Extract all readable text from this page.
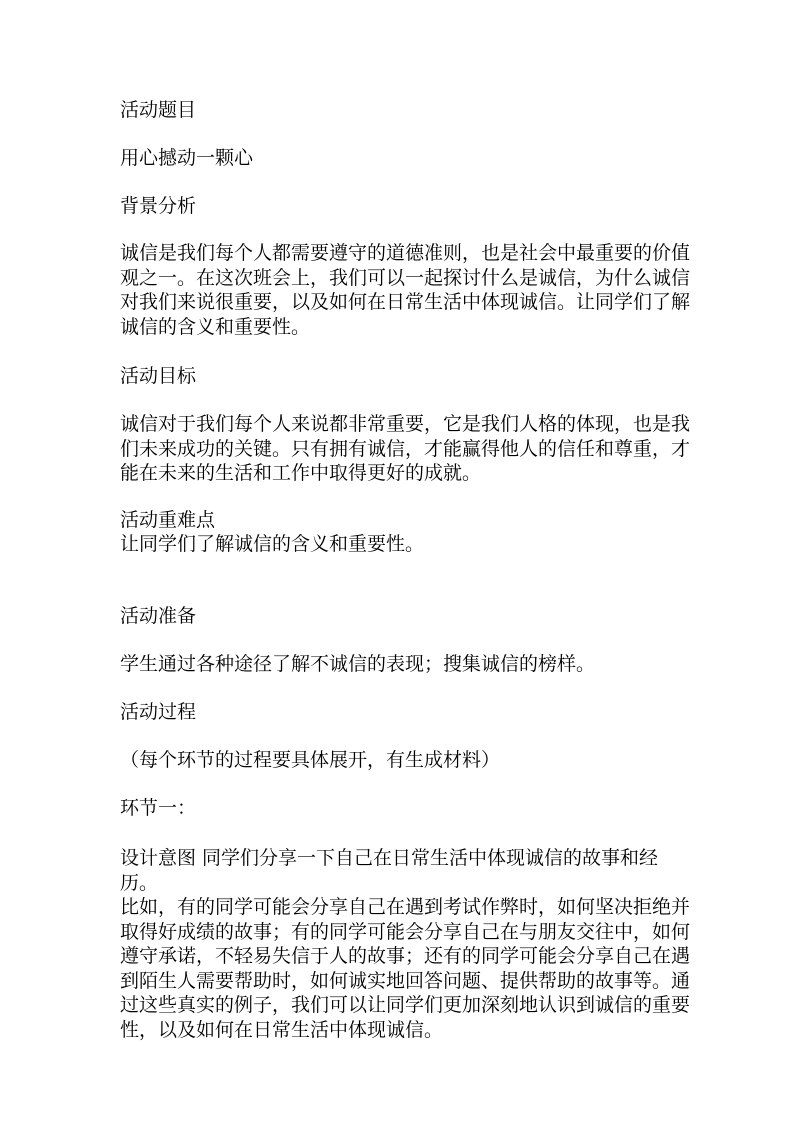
活动题目
用心撼动一颗心
背景分析
诚信是我们每个人都需要遵守的道德准则，也是社会中最重要的价值
观之一。在这次班会上，我们可以一起探讨什么是诚信，为什么诚信
对我们来说很重要，以及如何在日常生活中体现诚信。让同学们了解
诚信的含义和重要性。
活动目标
诚信对于我们每个人来说都非常重要，它是我们人格的体现，也是我
们未来成功的关键。只有拥有诚信，才能赢得他人的信任和尊重，才
能在未来的生活和工作中取得更好的成就。
活动重难点
让同学们了解诚信的含义和重要性。
活动准备
学生通过各种途径了解不诚信的表现；搜集诚信的榜样。
活动过程
（每个环节的过程要具体展开，有生成材料）
环节一：
设计意图 同学们分享一下自己在日常生活中体现诚信的故事和经历。
比如，有的同学可能会分享自己在遇到考试作弊时，如何坚决拒绝并
取得好成绩的故事；有的同学可能会分享自己在与朋友交往中，如何
遵守承诺，不轻易失信于人的故事；还有的同学可能会分享自己在遇
到陌生人需要帮助时，如何诚实地回答问题、提供帮助的故事等。通
过这些真实的例子，我们可以让同学们更加深刻地认识到诚信的重要
性，以及如何在日常生活中体现诚信。
